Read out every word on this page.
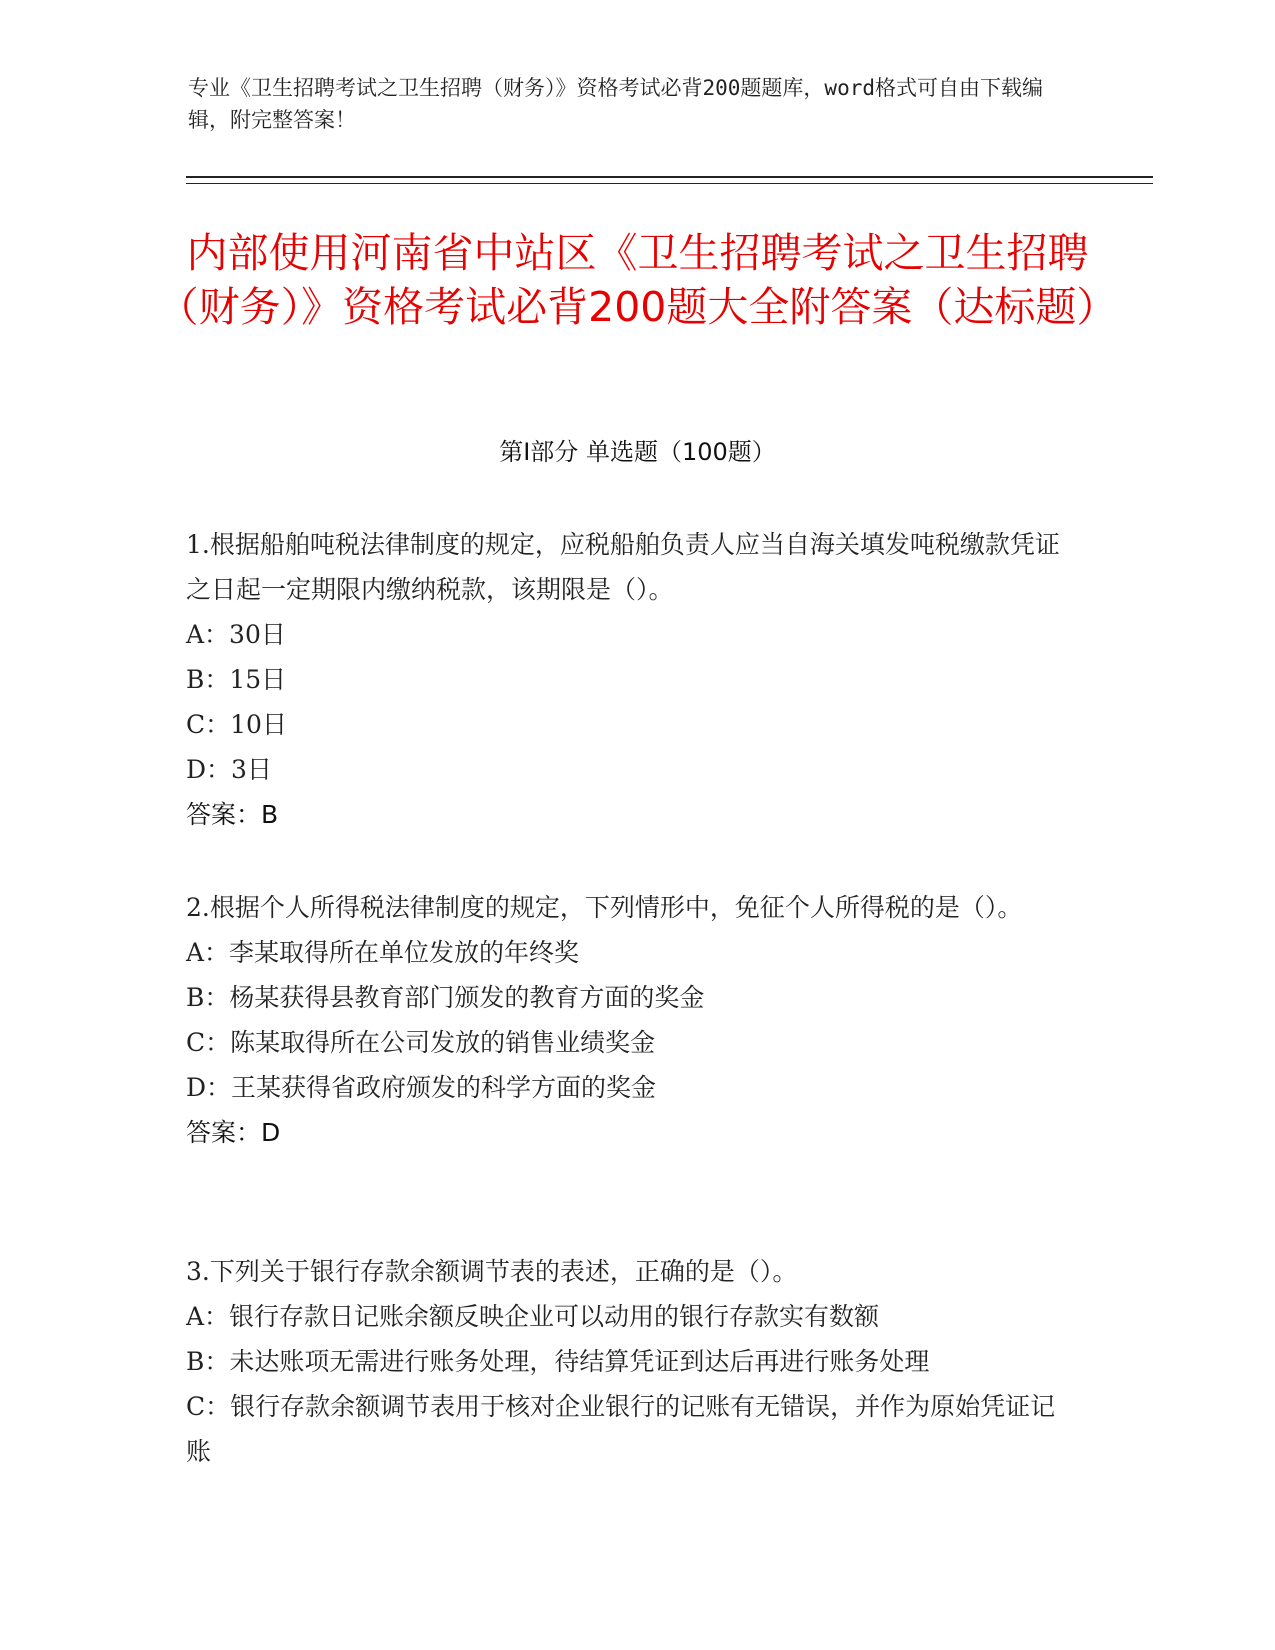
专业《卫生招聘考试之卫生招聘（财务）》资格考试必背200题题库，word格式可自由下载编辑，附完整答案！
内部使用河南省中站区《卫生招聘考试之卫生招聘（财务）》资格考试必背200题大全附答案（达标题）
第Ⅰ部分 单选题（100题）

1.根据船舶吨税法律制度的规定，应税船舶负责人应当自海关填发吨税缴款凭证之日起一定期限内缴纳税款，该期限是（）。

A：30日

B：15日

C：10日

D：3日

答案：B

2.根据个人所得税法律制度的规定，下列情形中，免征个人所得税的是（）。

A：李某取得所在单位发放的年终奖

B：杨某获得县教育部门颁发的教育方面的奖金

C：陈某取得所在公司发放的销售业绩奖金

D：王某获得省政府颁发的科学方面的奖金

答案：D

3.下列关于银行存款余额调节表的表述，正确的是（）。

A：银行存款日记账余额反映企业可以动用的银行存款实有数额

B：未达账项无需进行账务处理，待结算凭证到达后再进行账务处理

C：银行存款余额调节表用于核对企业银行的记账有无错误，并作为原始凭证记账
